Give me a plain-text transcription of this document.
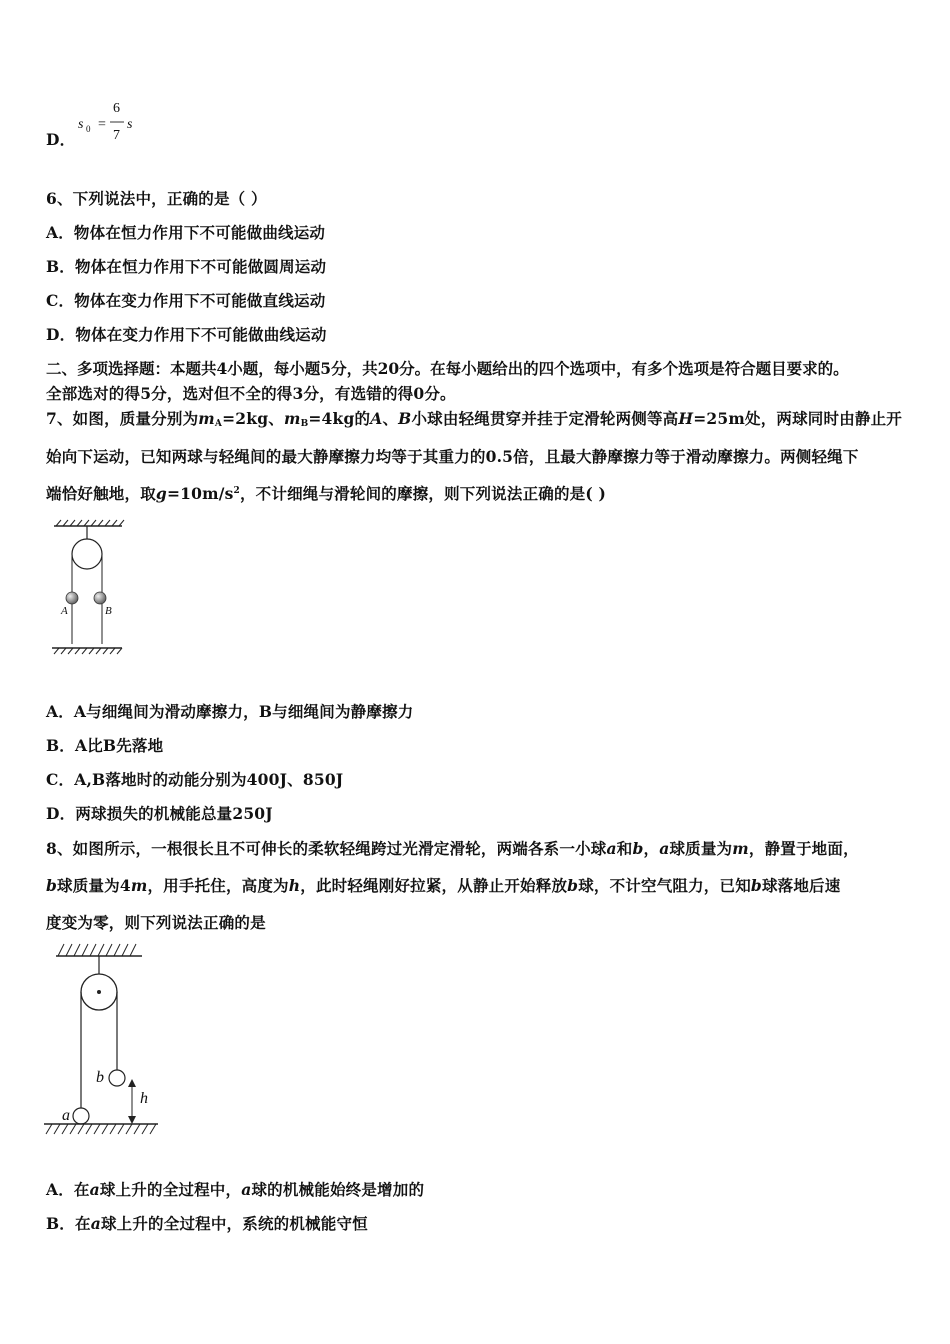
D．
s 0 =
6
7
s
6、下列说法中，正确的是（ ）
A．物体在恒力作用下不可能做曲线运动
B．物体在恒力作用下不可能做圆周运动
C．物体在变力作用下不可能做直线运动
D．物体在变力作用下不可能做曲线运动
二、多项选择题：本题共4小题，每小题5分，共20分。在每小题给出的四个选项中，有多个选项是符合题目要求的。
全部选对的得5分，选对但不全的得3分，有选错的得0分。
7、如图，质量分别为$m_A=2kg$、$m_B=4kg$的A、B小球由轻绳贯穿并挂于定滑轮两侧等高H=25m处，两球同时由静止开
始向下运动，已知两球与轻绳间的最大静摩擦力均等于其重力的0.5倍，且最大静摩擦力等于滑动摩擦力。两侧轻绳下
端恰好触地，取$g=10m/s^2$，不计细绳与滑轮间的摩擦，则下列说法正确的是( )
A	B
A．A与细绳间为滑动摩擦力，B与细绳间为静摩擦力
B．A比B先落地
C．A,B落地时的动能分别为400J、850J
D．两球损失的机械能总量250J
8、如图所示，一根很长且不可伸长的柔软轻绳跨过光滑定滑轮，两端各系一小球a和b，a球质量为m，静置于地面，
b球质量为4m，用手托住，高度为h，此时轻绳刚好拉紧，从静止开始释放b球，不计空气阻力，已知b球落地后速
度变为零，则下列说法正确的是
b
a
h
A．在a球上升的全过程中，a球的机械能始终是增加的
B．在a球上升的全过程中，系统的机械能守恒
